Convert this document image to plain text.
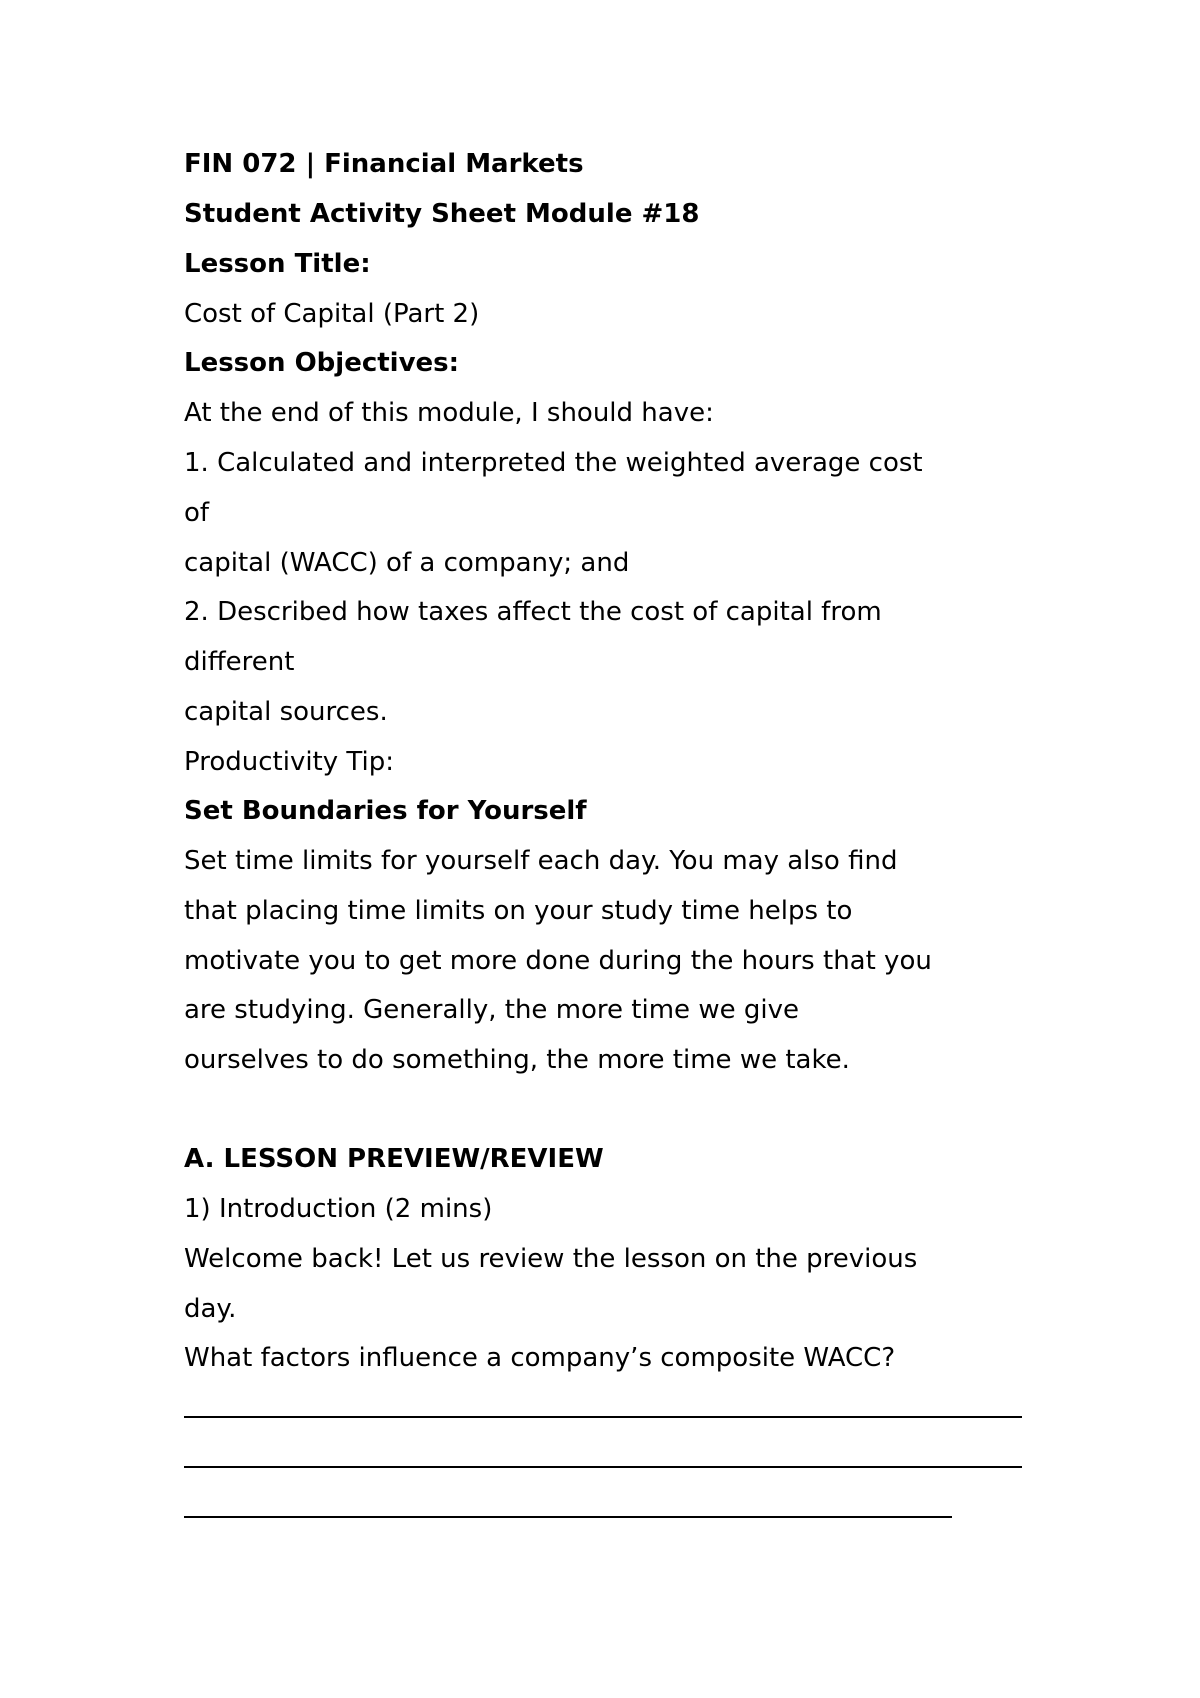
FIN 072 | Financial Markets
Student Activity Sheet Module #18
Lesson Title:
Cost of Capital (Part 2)
Lesson Objectives:
At the end of this module, I should have:
1. Calculated and interpreted the weighted average cost
of
capital (WACC) of a company; and
2. Described how taxes affect the cost of capital from
different
capital sources.
Productivity Tip:
Set Boundaries for Yourself
Set time limits for yourself each day. You may also find
that placing time limits on your study time helps to
motivate you to get more done during the hours that you
are studying. Generally, the more time we give
ourselves to do something, the more time we take.
A. LESSON PREVIEW/REVIEW
1) Introduction (2 mins)
Welcome back! Let us review the lesson on the previous
day.
What factors influence a company’s composite WACC?
